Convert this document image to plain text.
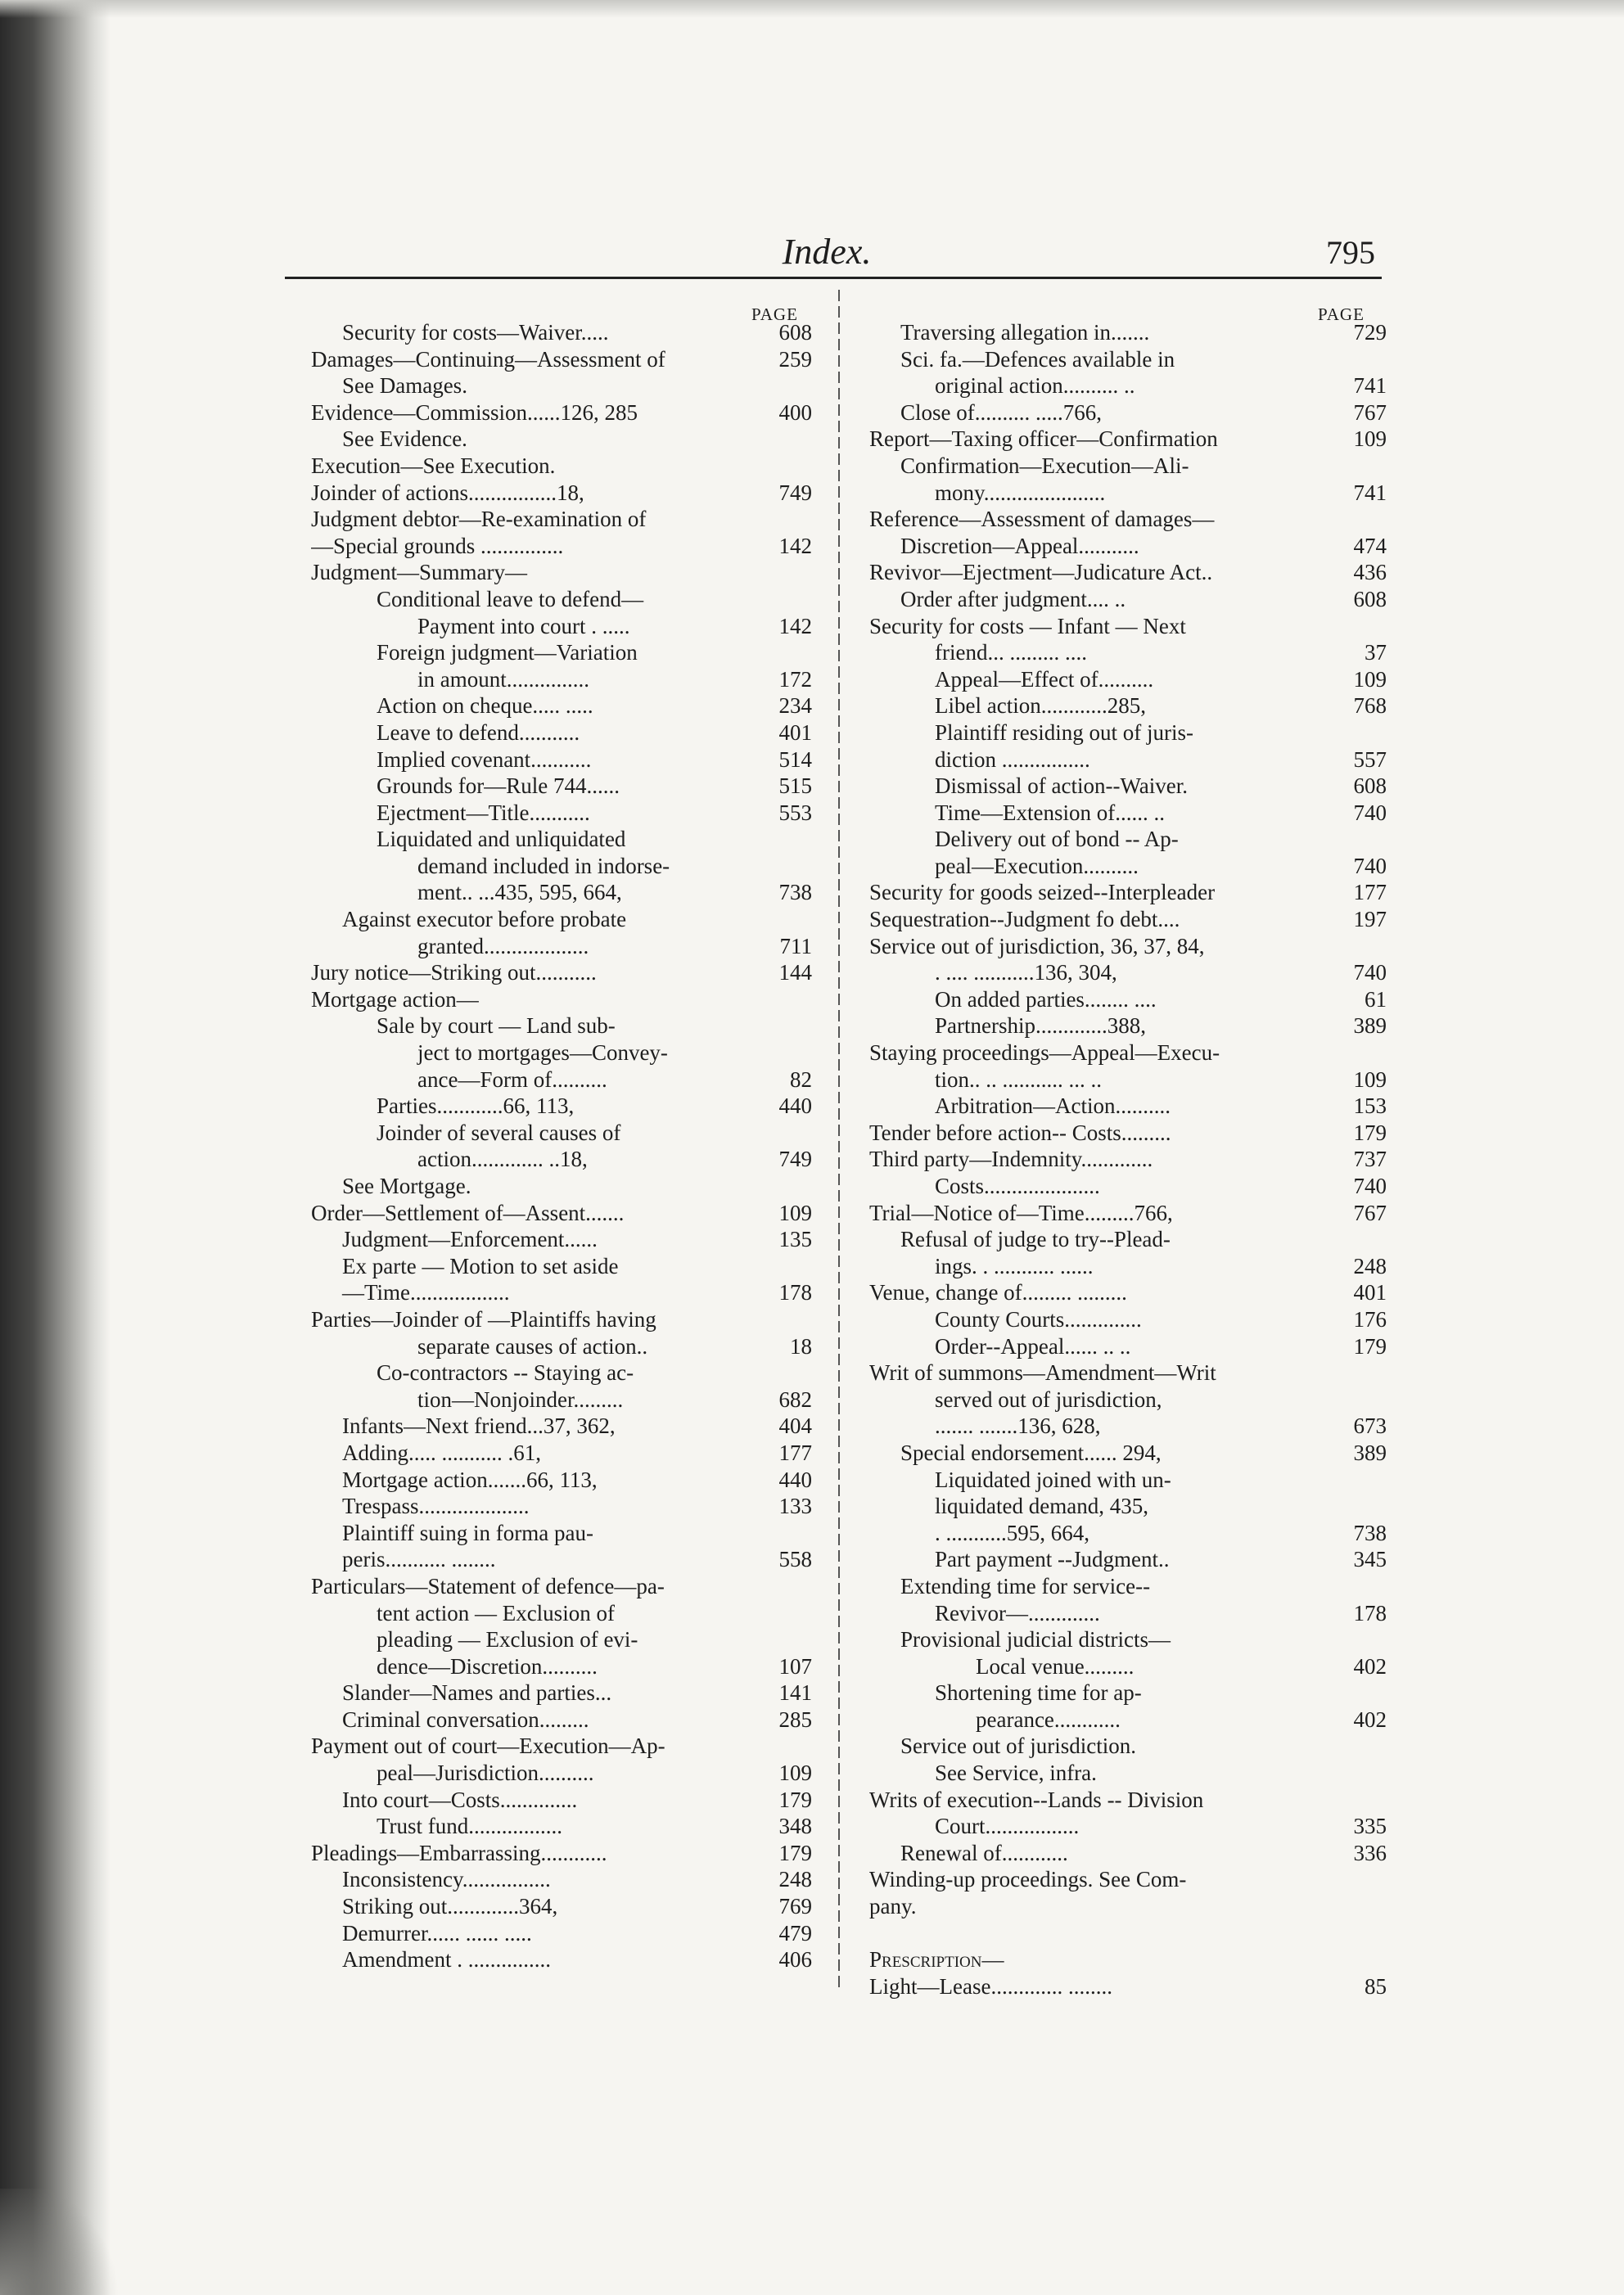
Index.	795
PAGE	PAGE
Security for costs—Waiver.....	608
Damages—Continuing—Assessment of	259
See Damages.
Evidence—Commission......126, 285	400
See Evidence.
Execution—See Execution.
Joinder of actions................18,	749
Judgment debtor—Re-examination of
—Special grounds ...............	142
Judgment—Summary—
Conditional leave to defend—
Payment into court . .....	142
Foreign judgment—Variation
in amount...............	172
Action on cheque..... .....	234
Leave to defend...........	401
Implied covenant...........	514
Grounds for—Rule 744......	515
Ejectment—Title...........	553
Liquidated and unliquidated
demand included in indorse-
ment.. ...435, 595, 664,	738
Against executor before probate
granted...................	711
Jury notice—Striking out...........	144
Mortgage action—
Sale by court — Land sub-
ject to mortgages—Convey-
ance—Form of..........	82
Parties............66, 113,	440
Joinder of several causes of
action............. ..18,	749
See Mortgage.
Order—Settlement of—Assent.......	109
Judgment—Enforcement......	135
Ex parte — Motion to set aside
—Time..................	178
Parties—Joinder of —Plaintiffs having
separate causes of action..	18
Co-contractors -- Staying ac-
tion—Nonjoinder.........	682
Infants—Next friend...37, 362,	404
Adding..... ........... .61,	177
Mortgage action.......66, 113,	440
Trespass....................	133
Plaintiff suing in forma pau-
peris........... ........	558
Particulars—Statement of defence—pa-
tent action — Exclusion of
pleading — Exclusion of evi-
dence—Discretion..........	107
Slander—Names and parties...	141
Criminal conversation.........	285
Payment out of court—Execution—Ap-
peal—Jurisdiction..........	109
Into court—Costs..............	179
Trust fund.................	348
Pleadings—Embarrassing............	179
Inconsistency................	248
Striking out.............364,	769
Demurrer...... ...... .....	479
Amendment . ...............	406
Traversing allegation in.......	729
Sci. fa.—Defences available in
original action.......... ..	741
Close of.......... .....766,	767
Report—Taxing officer—Confirmation	109
Confirmation—Execution—Ali-
mony......................	741
Reference—Assessment of damages—
Discretion—Appeal...........	474
Revivor—Ejectment—Judicature Act..	436
Order after judgment.... ..	608
Security for costs — Infant — Next
friend... ......... ....	37
Appeal—Effect of..........	109
Libel action............285,	768
Plaintiff residing out of juris-
diction ................	557
Dismissal of action--Waiver.	608
Time—Extension of...... ..	740
Delivery out of bond -- Ap-
peal—Execution..........	740
Security for goods seized--Interpleader	177
Sequestration--Judgment fo debt....	197
Service out of jurisdiction, 36, 37, 84,
. .... ...........136, 304,	740
On added parties........ ....	61
Partnership.............388,	389
Staying proceedings—Appeal—Execu-
tion.. .. ........... ... ..	109
Arbitration—Action..........	153
Tender before action-- Costs.........	179
Third party—Indemnity.............	737
Costs.....................	740
Trial—Notice of—Time.........766,	767
Refusal of judge to try--Plead-
ings. . ........... ......	248
Venue, change of......... .........	401
County Courts..............	176
Order--Appeal...... .. ..	179
Writ of summons—Amendment—Writ
served out of jurisdiction,
....... .......136, 628,	673
Special endorsement...... 294,	389
Liquidated joined with un-
liquidated demand, 435,
. ...........595, 664,	738
Part payment --Judgment..	345
Extending time for service--
Revivor—.............	178
Provisional judicial districts—
Local venue.........	402
Shortening time for ap-
pearance............	402
Service out of jurisdiction.
See Service, infra.
Writs of execution--Lands -- Division
Court.................	335
Renewal of............	336
Winding-up proceedings. See Com-
pany.
Prescription—
Light—Lease............. ........	85
